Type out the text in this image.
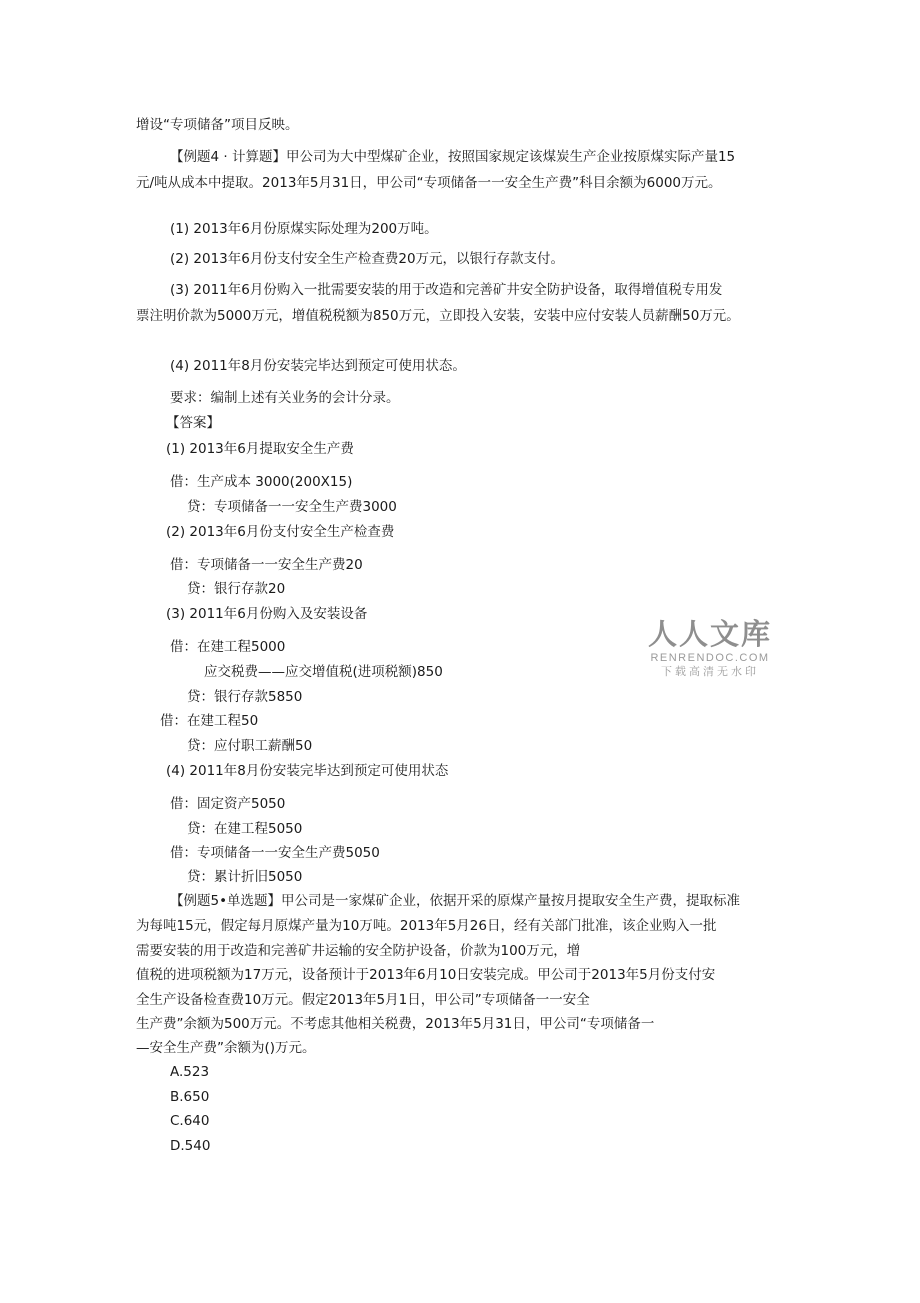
增设“专项储备”项目反映。
【例题4 · 计算题】甲公司为大中型煤矿企业，按照国家规定该煤炭生产企业按原煤实际产量15
元/吨从成本中提取。2013年5月31日，甲公司“专项储备一一安全生产费”科目余额为6000万元。
(1) 2013年6月份原煤实际处理为200万吨。
(2) 2013年6月份支付安全生产检查费20万元，以银行存款支付。
(3) 2011年6月份购入一批需要安装的用于改造和完善矿井安全防护设备，取得增值税专用发
票注明价款为5000万元，增值税税额为850万元，立即投入安装，安装中应付安装人员薪酬50万元。
(4) 2011年8月份安装完毕达到预定可使用状态。
要求：编制上述有关业务的会计分录。
【答案】
(1) 2013年6月提取安全生产费
借：生产成本 3000(200X15)
贷：专项储备一一安全生产费3000
(2) 2013年6月份支付安全生产检查费
借：专项储备一一安全生产费20
贷：银行存款20
(3) 2011年6月份购入及安装设备
借：在建工程5000
应交税费——应交增值税(进项税额)850
贷：银行存款5850
借：在建工程50
贷：应付职工薪酬50
(4) 2011年8月份安装完毕达到预定可使用状态
借：固定资产5050
贷：在建工程5050
借：专项储备一一安全生产费5050
贷：累计折旧5050
【例题5•单选题】甲公司是一家煤矿企业，依据开采的原煤产量按月提取安全生产费，提取标准
为每吨15元，假定每月原煤产量为10万吨。2013年5月26日，经有关部门批准，该企业购入一批
需要安装的用于改造和完善矿井运输的安全防护设备，价款为100万元，增
值税的进项税额为17万元，设备预计于2013年6月10日安装完成。甲公司于2013年5月份支付安
全生产设备检查费10万元。假定2013年5月1日，甲公司”专项储备一一安全
生产费”余额为500万元。不考虑其他相关税费，2013年5月31日，甲公司“专项储备一
—安全生产费”余额为()万元。
A.523
B.650
C.640
D.540
人人文库
RENRENDOC.COM
下载高清无水印
